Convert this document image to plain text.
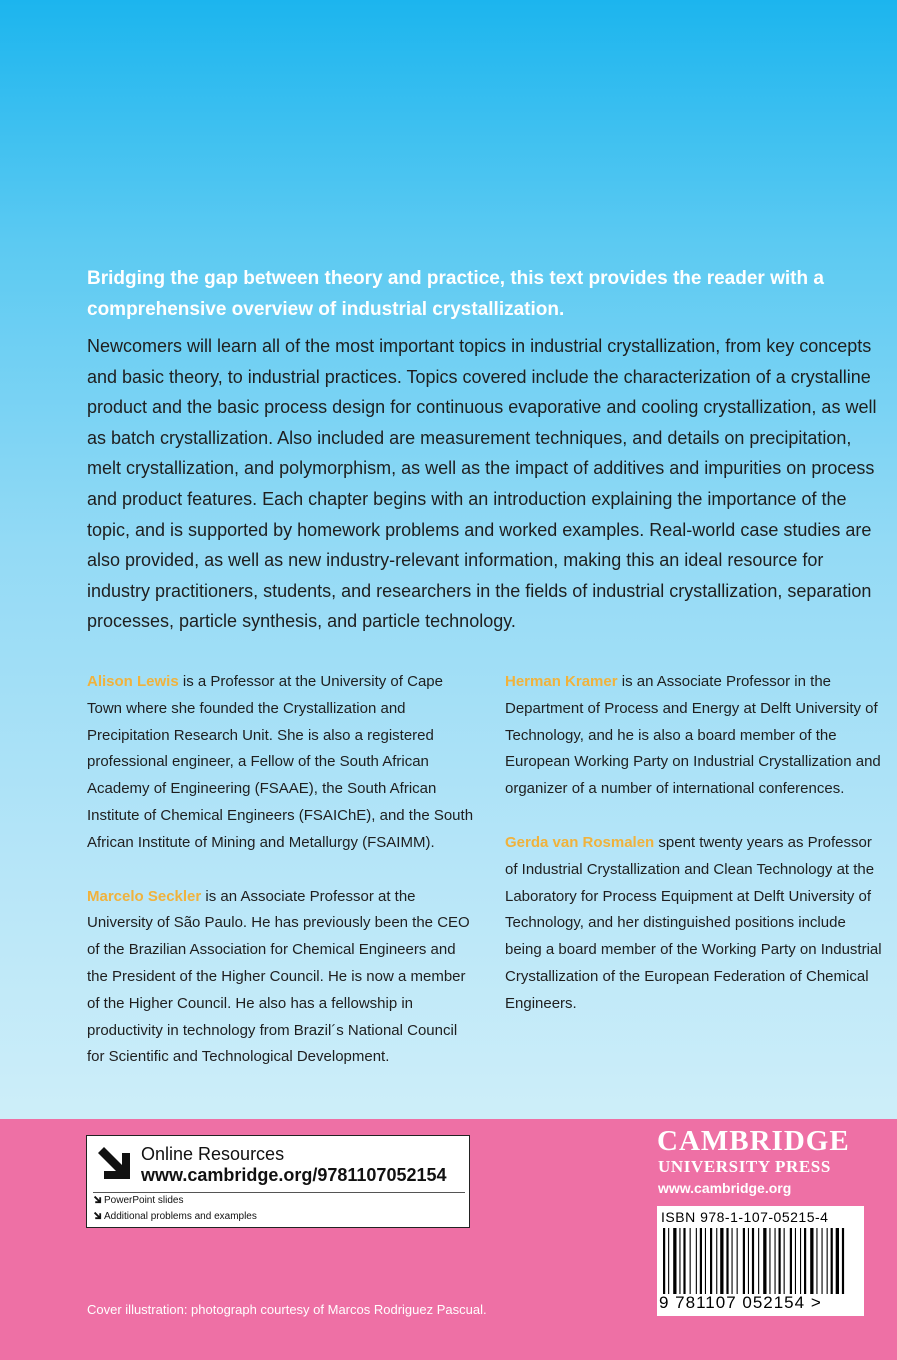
Bridging the gap between theory and practice, this text provides the reader with a comprehensive overview of industrial crystallization.

Newcomers will learn all of the most important topics in industrial crystallization, from key concepts and basic theory, to industrial practices. Topics covered include the characterization of a crystalline product and the basic process design for continuous evaporative and cooling crystallization, as well as batch crystallization. Also included are measurement techniques, and details on precipitation, melt crystallization, and polymorphism, as well as the impact of additives and impurities on process and product features. Each chapter begins with an introduction explaining the importance of the topic, and is supported by homework problems and worked examples. Real-world case studies are also provided, as well as new industry-relevant information, making this an ideal resource for industry practitioners, students, and researchers in the fields of industrial crystallization, separation processes, particle synthesis, and particle technology.

Alison Lewis is a Professor at the University of Cape Town where she founded the Crystallization and Precipitation Research Unit. She is also a registered professional engineer, a Fellow of the South African Academy of Engineering (FSAAE), the South African Institute of Chemical Engineers (FSAIChE), and the South African Institute of Mining and Metallurgy (FSAIMM).

Marcelo Seckler is an Associate Professor at the University of São Paulo. He has previously been the CEO of the Brazilian Association for Chemical Engineers and the President of the Higher Council. He is now a member of the Higher Council. He also has a fellowship in productivity in technology from Brazil´s National Council for Scientific and Technological Development.

Herman Kramer is an Associate Professor in the Department of Process and Energy at Delft University of Technology, and he is also a board member of the European Working Party on Industrial Crystallization and organizer of a number of international conferences.

Gerda van Rosmalen spent twenty years as Professor of Industrial Crystallization and Clean Technology at the Laboratory for Process Equipment at Delft University of Technology, and her distinguished positions include being a board member of the Working Party on Industrial Crystallization of the European Federation of Chemical Engineers.

Online Resources
www.cambridge.org/9781107052154
PowerPoint slides
Additional problems and examples
CAMBRIDGE
UNIVERSITY PRESS
www.cambridge.org
ISBN 978-1-107-05215-4
9 781107 052154 >
Cover illustration: photograph courtesy of Marcos Rodriguez Pascual.
